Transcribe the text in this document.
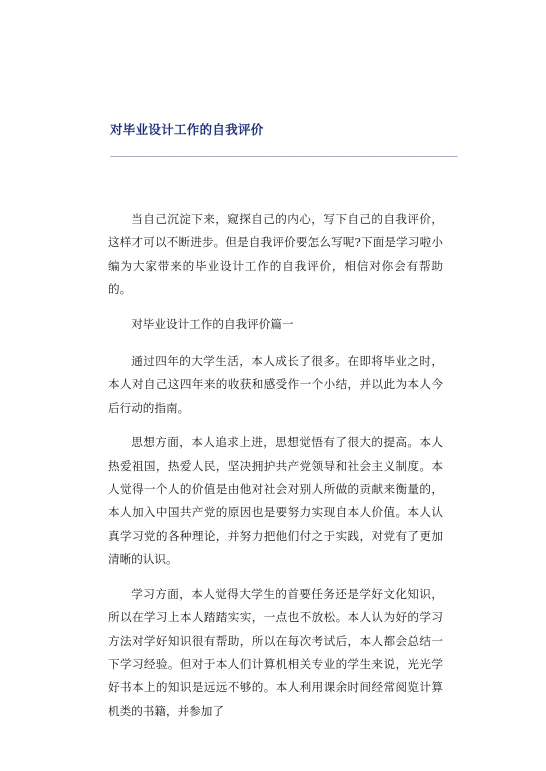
对毕业设计工作的自我评价
________________________________________________________________

当自己沉淀下来，窥探自己的内心，写下自己的自我评价，这样才可以不断进步。但是自我评价要怎么写呢?下面是学习啦小编为大家带来的毕业设计工作的自我评价，相信对你会有帮助的。

对毕业设计工作的自我评价篇一

通过四年的大学生活，本人成长了很多。在即将毕业之时，本人对自己这四年来的收获和感受作一个小结，并以此为本人今后行动的指南。

思想方面，本人追求上进，思想觉悟有了很大的提高。本人热爱祖国，热爱人民，坚决拥护共产党领导和社会主义制度。本人觉得一个人的价值是由他对社会对别人所做的贡献来衡量的，本人加入中国共产党的原因也是要努力实现自本人价值。本人认真学习党的各种理论，并努力把他们付之于实践，对党有了更加清晰的认识。

学习方面，本人觉得大学生的首要任务还是学好文化知识，所以在学习上本人踏踏实实，一点也不放松。本人认为好的学习方法对学好知识很有帮助，所以在每次考试后，本人都会总结一下学习经验。但对于本人们计算机相关专业的学生来说，光光学好书本上的知识是远远不够的。本人利用课余时间经常阅览计算机类的书籍，并参加了
